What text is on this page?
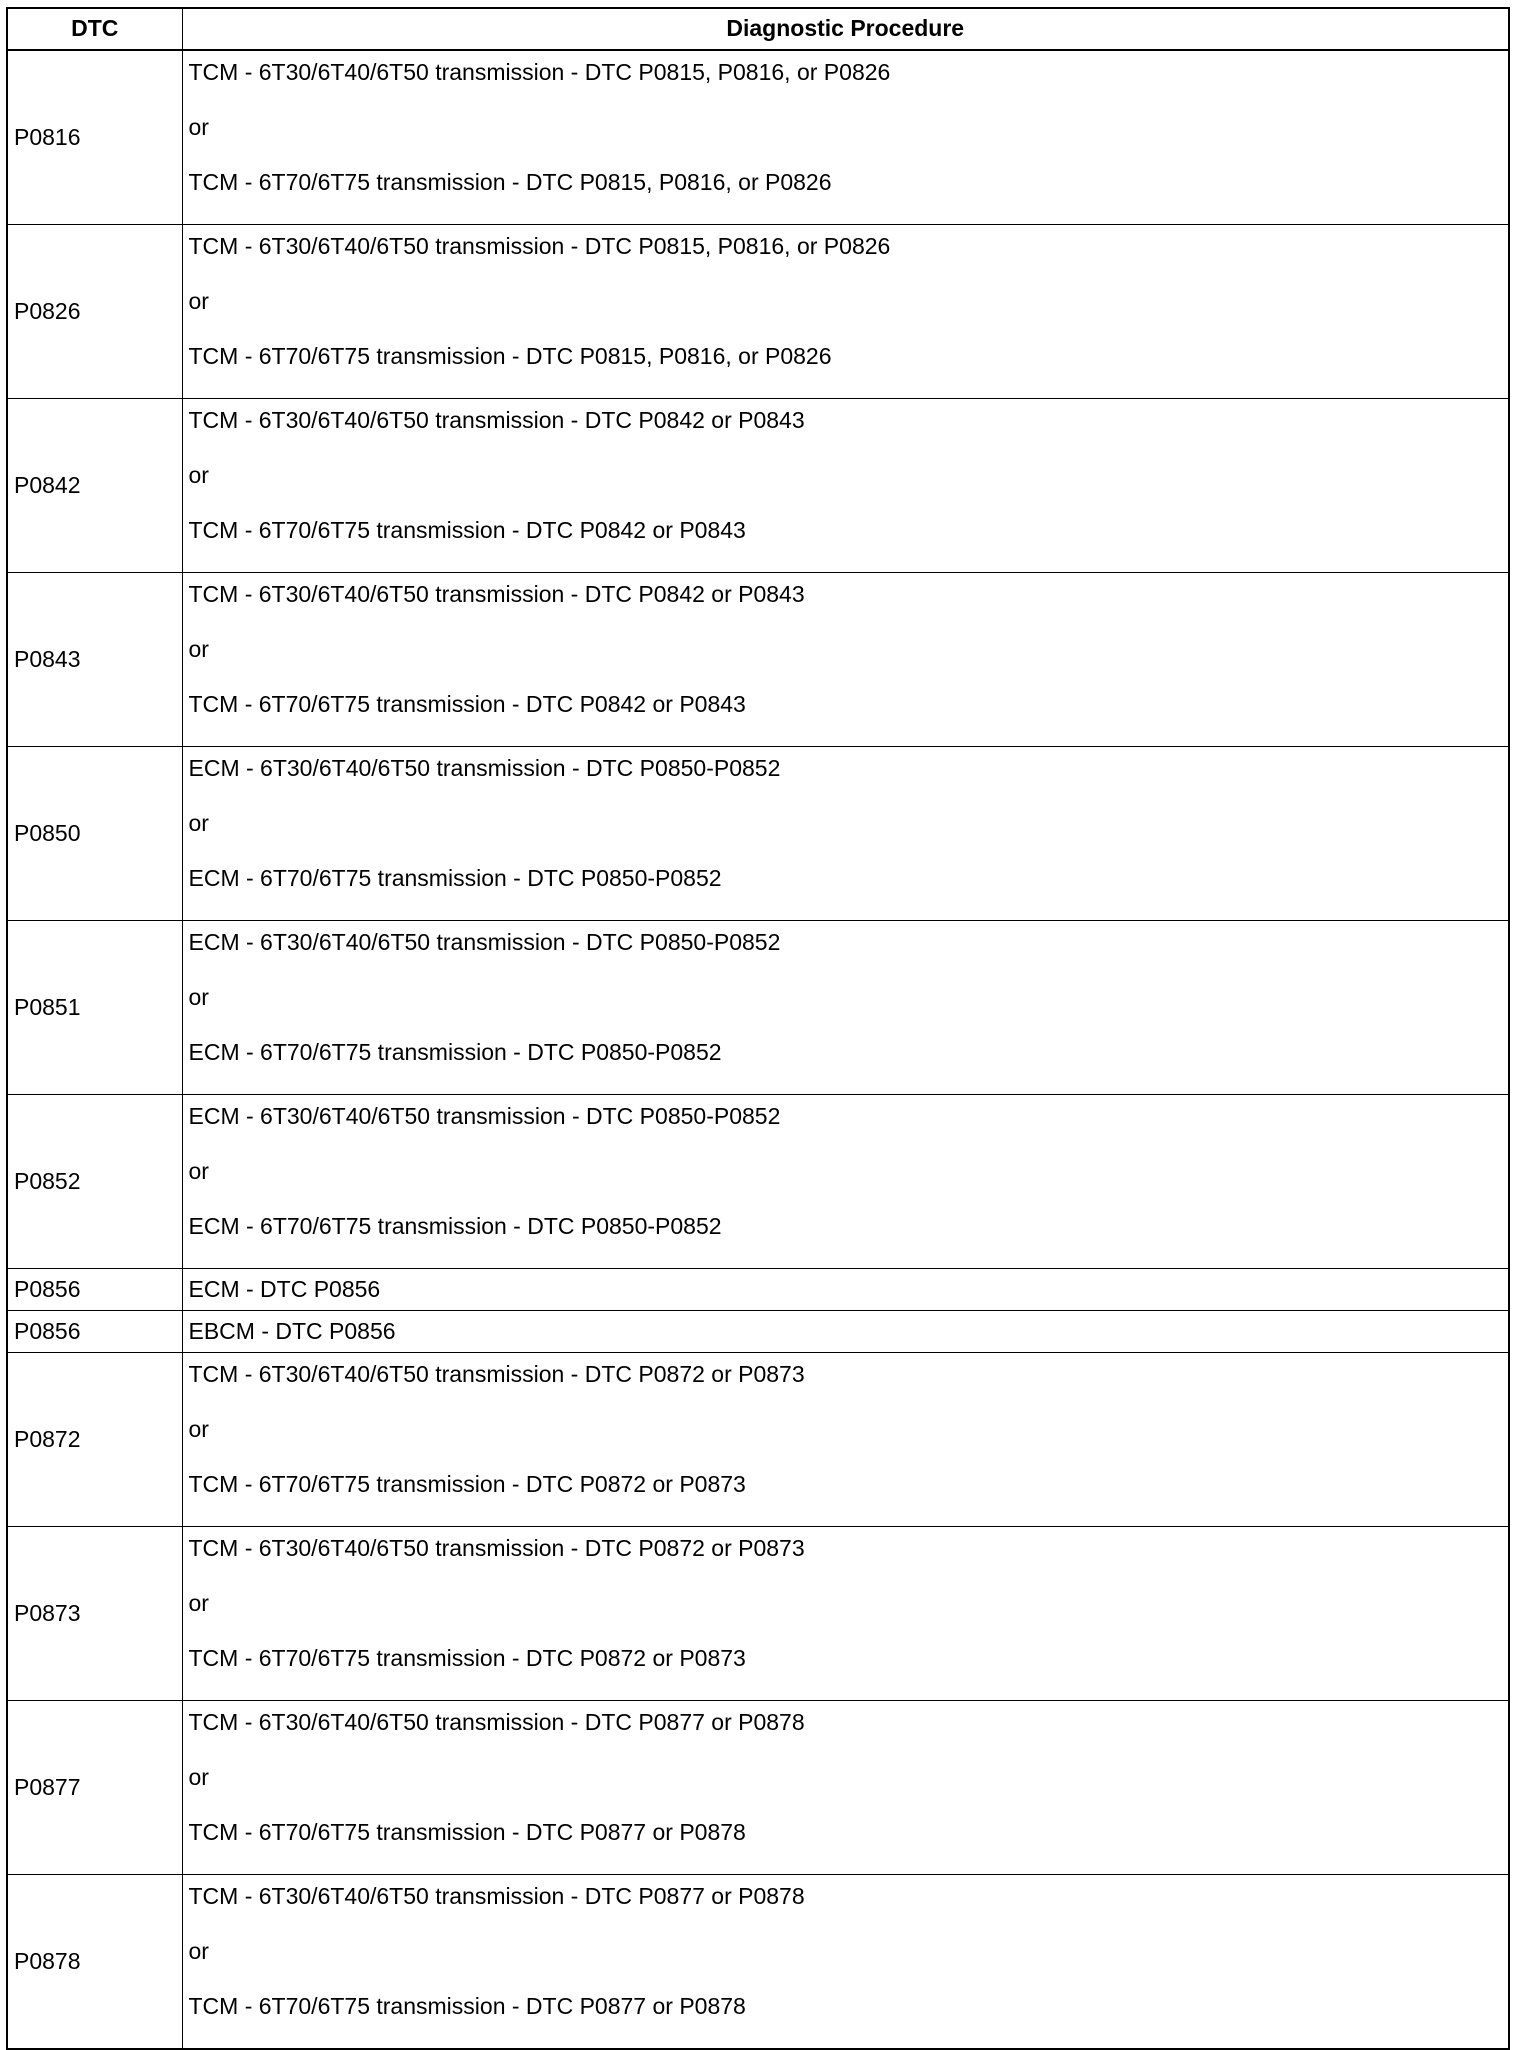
DTC	Diagnostic Procedure
P0816	TCM - 6T30/6T40/6T50 transmission - DTC P0815, P0816, or P0826
or
TCM - 6T70/6T75 transmission - DTC P0815, P0816, or P0826

P0826	TCM - 6T30/6T40/6T50 transmission - DTC P0815, P0816, or P0826
or
TCM - 6T70/6T75 transmission - DTC P0815, P0816, or P0826

P0842	TCM - 6T30/6T40/6T50 transmission - DTC P0842 or P0843
or
TCM - 6T70/6T75 transmission - DTC P0842 or P0843

P0843	TCM - 6T30/6T40/6T50 transmission - DTC P0842 or P0843
or
TCM - 6T70/6T75 transmission - DTC P0842 or P0843

P0850	ECM - 6T30/6T40/6T50 transmission - DTC P0850-P0852
or
ECM - 6T70/6T75 transmission - DTC P0850-P0852

P0851	ECM - 6T30/6T40/6T50 transmission - DTC P0850-P0852
or
ECM - 6T70/6T75 transmission - DTC P0850-P0852

P0852	ECM - 6T30/6T40/6T50 transmission - DTC P0850-P0852
or
ECM - 6T70/6T75 transmission - DTC P0850-P0852

P0856	ECM - DTC P0856

P0856	EBCM - DTC P0856

P0872	TCM - 6T30/6T40/6T50 transmission - DTC P0872 or P0873
or
TCM - 6T70/6T75 transmission - DTC P0872 or P0873

P0873	TCM - 6T30/6T40/6T50 transmission - DTC P0872 or P0873
or
TCM - 6T70/6T75 transmission - DTC P0872 or P0873

P0877	TCM - 6T30/6T40/6T50 transmission - DTC P0877 or P0878
or
TCM - 6T70/6T75 transmission - DTC P0877 or P0878

P0878	TCM - 6T30/6T40/6T50 transmission - DTC P0877 or P0878
or
TCM - 6T70/6T75 transmission - DTC P0877 or P0878
